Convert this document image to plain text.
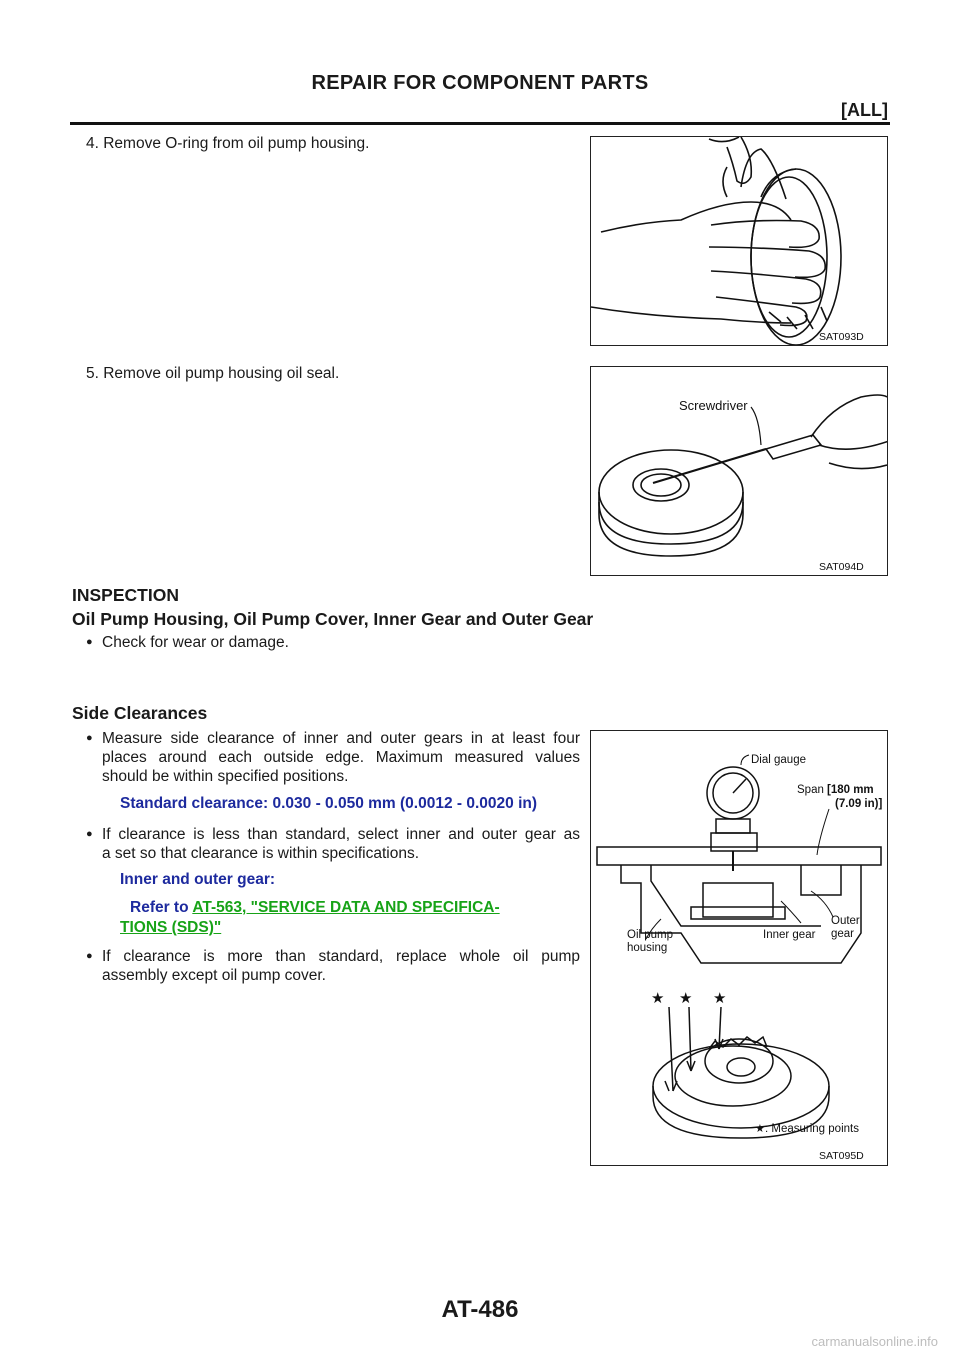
REPAIR FOR COMPONENT PARTS
[ALL]
4. Remove O-ring from oil pump housing.
SAT093D
5. Remove oil pump housing oil seal.
Screwdriver
SAT094D
INSPECTION
Oil Pump Housing, Oil Pump Cover, Inner Gear and Outer Gear
● Check for wear or damage.
Side Clearances
● Measure side clearance of inner and outer gears in at least four
places around each outside edge. Maximum measured values
should be within specified positions.
Standard clearance: 0.030 - 0.050 mm (0.0012 - 0.0020 in)
● If clearance is less than standard, select inner and outer gear as
a set so that clearance is within specifications.
Inner and outer gear:
Refer to AT-563, "SERVICE DATA AND SPECIFICA-
TIONS (SDS)"
● If clearance is more than standard, replace whole oil pump
assembly except oil pump cover.
★ ★ ★
★
Dial gauge
Span [180 mm
(7.09 in)]
Oil pump
housing
Inner gear
Outer
gear
: Measuring points
SAT095D
AT-486
carmanualsonline.info
